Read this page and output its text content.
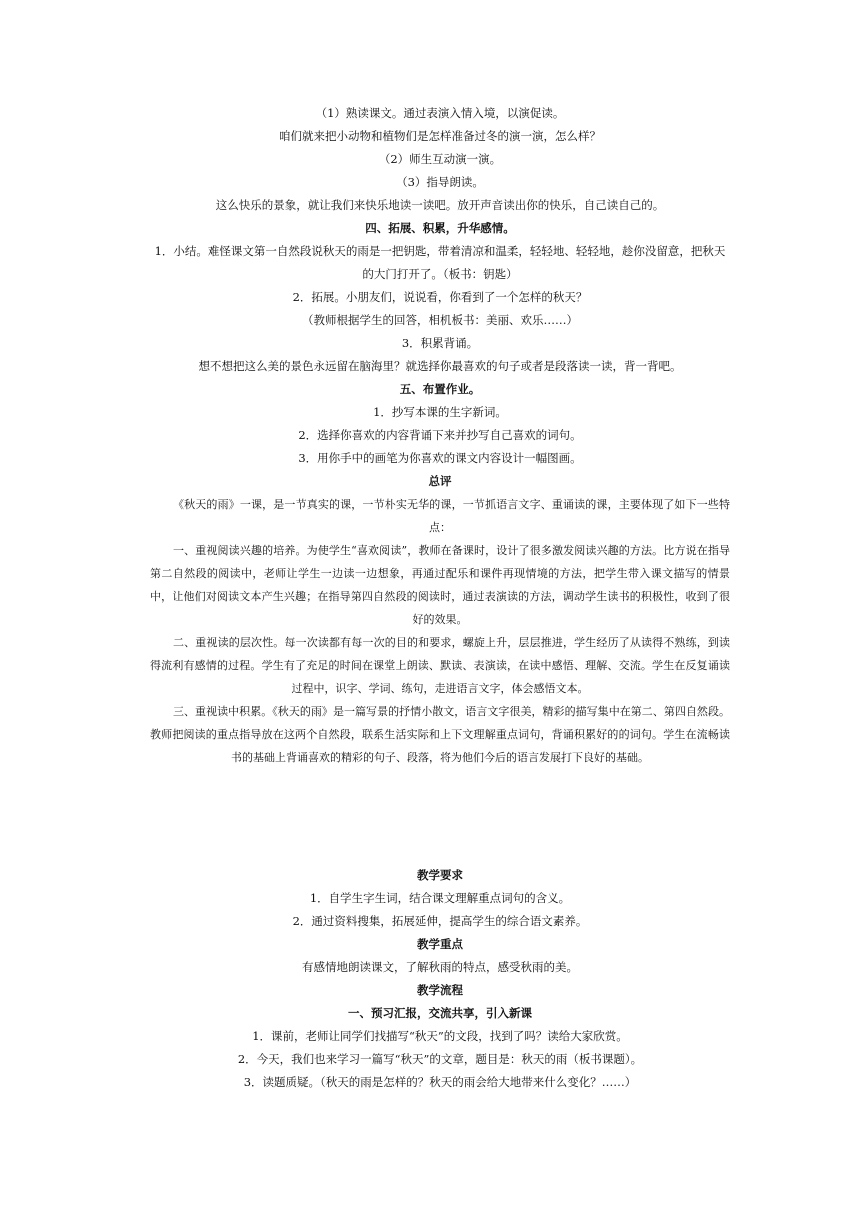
（1）熟读课文。通过表演入情入境，以演促读。

咱们就来把小动物和植物们是怎样准备过冬的演一演，怎么样？

（2）师生互动演一演。

（3）指导朗读。

这么快乐的景象，就让我们来快乐地读一读吧。放开声音读出你的快乐，自己读自己的。

四、拓展、积累，升华感情。

1．小结。难怪课文第一自然段说秋天的雨是一把钥匙，带着清凉和温柔，轻轻地、轻轻地，趁你没留意，把秋天的大门打开了。（板书：钥匙）

2．拓展。小朋友们，说说看，你看到了一个怎样的秋天？

（教师根据学生的回答，相机板书：美丽、欢乐……）

3．积累背诵。

想不想把这么美的景色永远留在脑海里？就选择你最喜欢的句子或者是段落读一读，背一背吧。

五、布置作业。

1．抄写本课的生字新词。

2．选择你喜欢的内容背诵下来并抄写自己喜欢的词句。

3．用你手中的画笔为你喜欢的课文内容设计一幅图画。

总评

《秋天的雨》一课，是一节真实的课，一节朴实无华的课，一节抓语言文字、重诵读的课，主要体现了如下一些特点：

一、重视阅读兴趣的培养。为使学生“喜欢阅读”，教师在备课时，设计了很多激发阅读兴趣的方法。比方说在指导第二自然段的阅读中，老师让学生一边读一边想象，再通过配乐和课件再现情境的方法，把学生带入课文描写的情景中，让他们对阅读文本产生兴趣；在指导第四自然段的阅读时，通过表演读的方法，调动学生读书的积极性，收到了很好的效果。

二、重视读的层次性。每一次读都有每一次的目的和要求，螺旋上升，层层推进，学生经历了从读得不熟练，到读得流利有感情的过程。学生有了充足的时间在课堂上朗读、默读、表演读，在读中感悟、理解、交流。学生在反复诵读过程中，识字、学词、练句，走进语言文字，体会感悟文本。

三、重视读中积累。《秋天的雨》是一篇写景的抒情小散文，语言文字很美，精彩的描写集中在第二、第四自然段。教师把阅读的重点指导放在这两个自然段，联系生活实际和上下文理解重点词句，背诵积累好的的词句。学生在流畅读书的基础上背诵喜欢的精彩的句子、段落，将为他们今后的语言发展打下良好的基础。

教学要求

1．自学生字生词，结合课文理解重点词句的含义。

2．通过资料搜集，拓展延伸，提高学生的综合语文素养。

教学重点

有感情地朗读课文，了解秋雨的特点，感受秋雨的美。

教学流程

一、预习汇报，交流共享，引入新课

1．课前，老师让同学们找描写“秋天”的文段，找到了吗？读给大家欣赏。

2．今天，我们也来学习一篇写“秋天”的文章，题目是：秋天的雨（板书课题）。

3．读题质疑。（秋天的雨是怎样的？秋天的雨会给大地带来什么变化？……）
